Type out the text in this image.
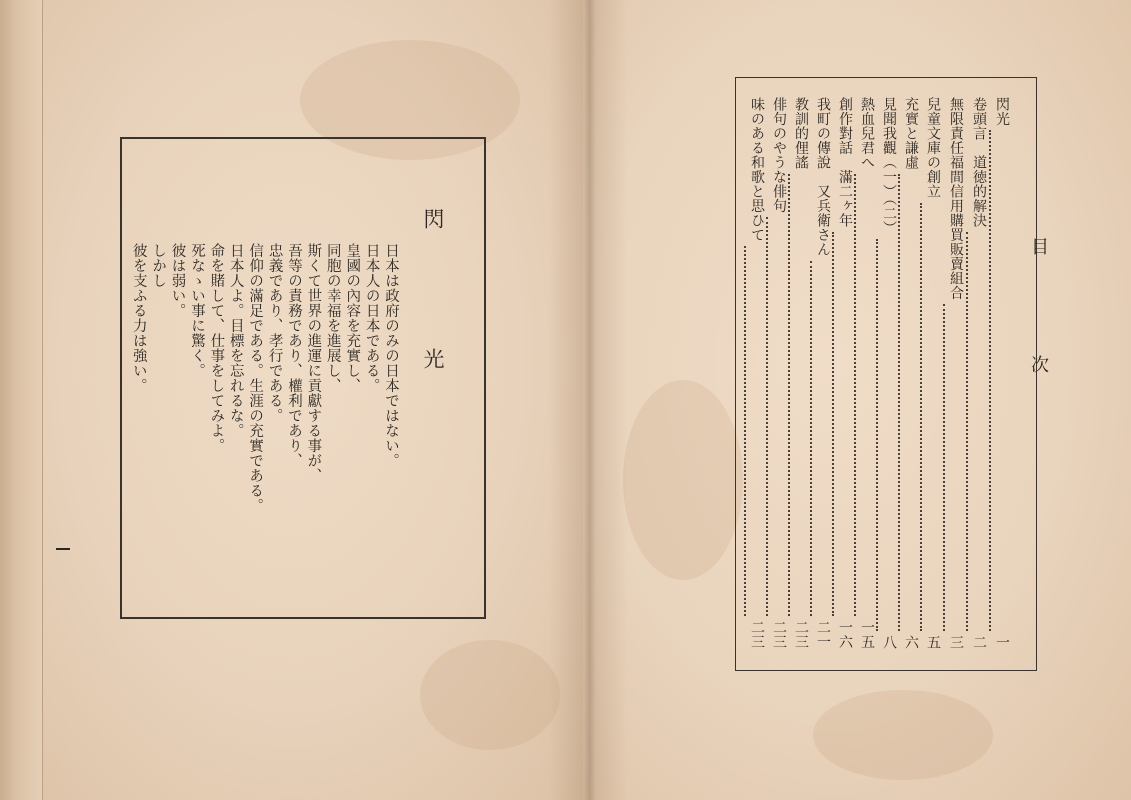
閃
光
日本は政府のみの日本ではない。
日本人の日本である。
皇國の內容を充實し、
同胞の幸福を進展し、
斯くて世界の進運に貢獻する事が、
吾等の責務であり、權利であり、
忠義であり、孝行である。
信仰の滿足である。生涯の充實である。
日本人よ。目標を忘れるな。
命を賭して、仕事をしてみよ。
死なゝい事に驚く。
彼は弱い。
しかし
彼を支ふる力は強い。	目
次
閃光
一
卷頭言　道徳的解決
二
無限責任福間信用購買販賣組合
三
兒童文庫の創立
五
充實と謙虛
六
見聞我觀（一）（二）
八
熱血兒君へ
一五
創作對話　滿二ヶ年
一六
我町の傳說　又兵衛さん
二一
教訓的俚謠
二三
俳句のやうな俳句
二三
味のある和歌と思ひて
二三
